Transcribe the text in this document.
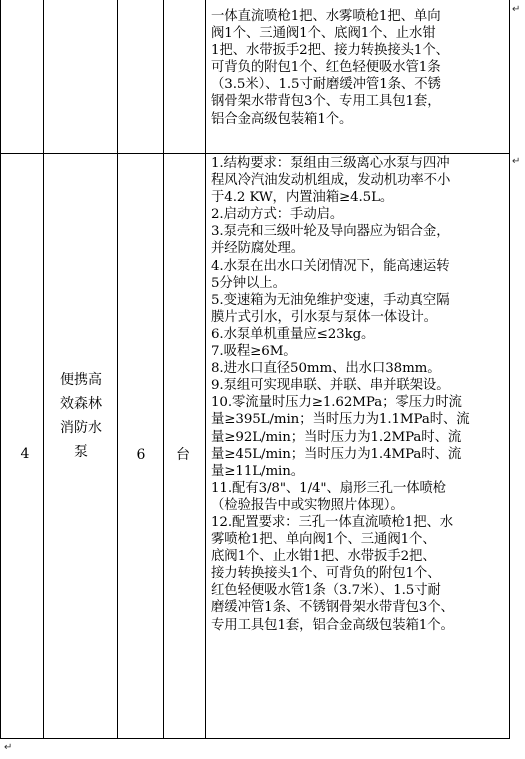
一体直流喷枪1把、水雾喷枪1把、单向
阀1个、三通阀1个、底阀1个、止水钳
1把、水带扳手2把、接力转换接头1个、
可背负的附包1个、红色轻便吸水管1条
（3.5米）、1.5寸耐磨缓冲管1条、不锈
钢骨架水带背包3个、专用工具包1套，
铝合金高级包装箱1个。
4
便携高
效森林
消防水
泵	6	台
1.结构要求：泵组由三级离心水泵与四冲
程风冷汽油发动机组成，发动机功率不小
于4.2 KW，内置油箱≥4.5L。
2.启动方式：手动启。
3.泵壳和三级叶轮及导向器应为铝合金，
并经防腐处理。
4.水泵在出水口关闭情况下，能高速运转
5分钟以上。
5.变速箱为无油免维护变速，手动真空隔
膜片式引水，引水泵与泵体一体设计。
6.水泵单机重量应≤23kg。
7.吸程≥6M。
8.进水口直径50mm、出水口38mm。
9.泵组可实现串联、并联、串并联架设。
10.零流量时压力≥1.62MPa；零压力时流
量≥395L/min；当时压力为1.1MPa时、流
量≥92L/min；当时压力为1.2MPa时、流
量≥45L/min；当时压力为1.4MPa时、流
量≥11L/min。
11.配有3/8"、1/4"、扇形三孔一体喷枪
（检验报告中或实物照片体现）。
12.配置要求：三孔一体直流喷枪1把、水
雾喷枪1把、单向阀1个、三通阀1个、
底阀1个、止水钳1把、水带扳手2把、
接力转换接头1个、可背负的附包1个、
红色轻便吸水管1条（3.7米）、1.5寸耐
磨缓冲管1条、不锈钢骨架水带背包3个、
专用工具包1套，铝合金高级包装箱1个。
↵
↵
↵
